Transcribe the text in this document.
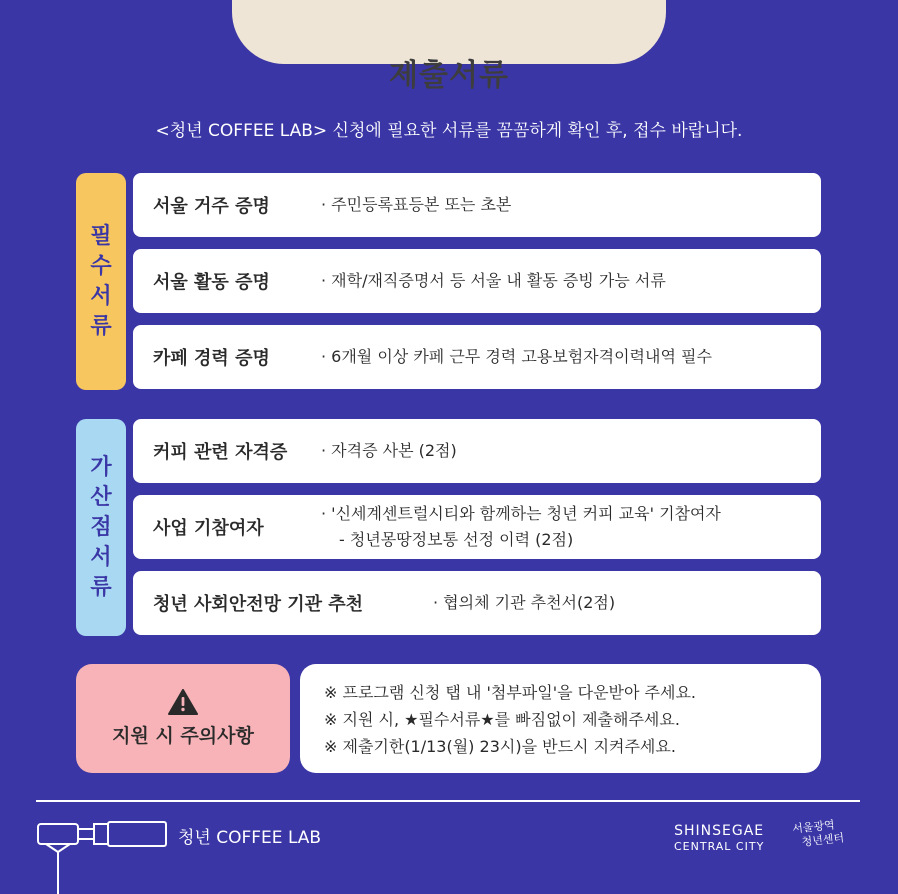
제출서류
<청년 COFFEE LAB> 신청에 필요한 서류를 꼼꼼하게 확인 후, 접수 바랍니다.
필
수
서
류
서울 거주 증명	· 주민등록표등본 또는 초본
서울 활동 증명	· 재학/재직증명서 등 서울 내 활동 증빙 가능 서류
카페 경력 증명	· 6개월 이상 카페 근무 경력 고용보험자격이력내역 필수
가
산
점
서
류
커피 관련 자격증 · 자격증 사본 (2점)
사업 기참여자
· '신세계센트럴시티와 함께하는 청년 커피 교육' 기참여자
- 청년몽땅정보통 선정 이력 (2점)
청년 사회안전망 기관 추천	· 협의체 기관 추천서(2점)
지원 시 주의사항
※ 프로그램 신청 탭 내 '첨부파일'을 다운받아 주세요.
※ 지원 시, ★필수서류★를 빠짐없이 제출해주세요.
※ 제출기한(1/13(월) 23시)을 반드시 지켜주세요.
청년 COFFEE LAB	SHINSEGAE
CENTRAL CITY
서울광역
청년센터
